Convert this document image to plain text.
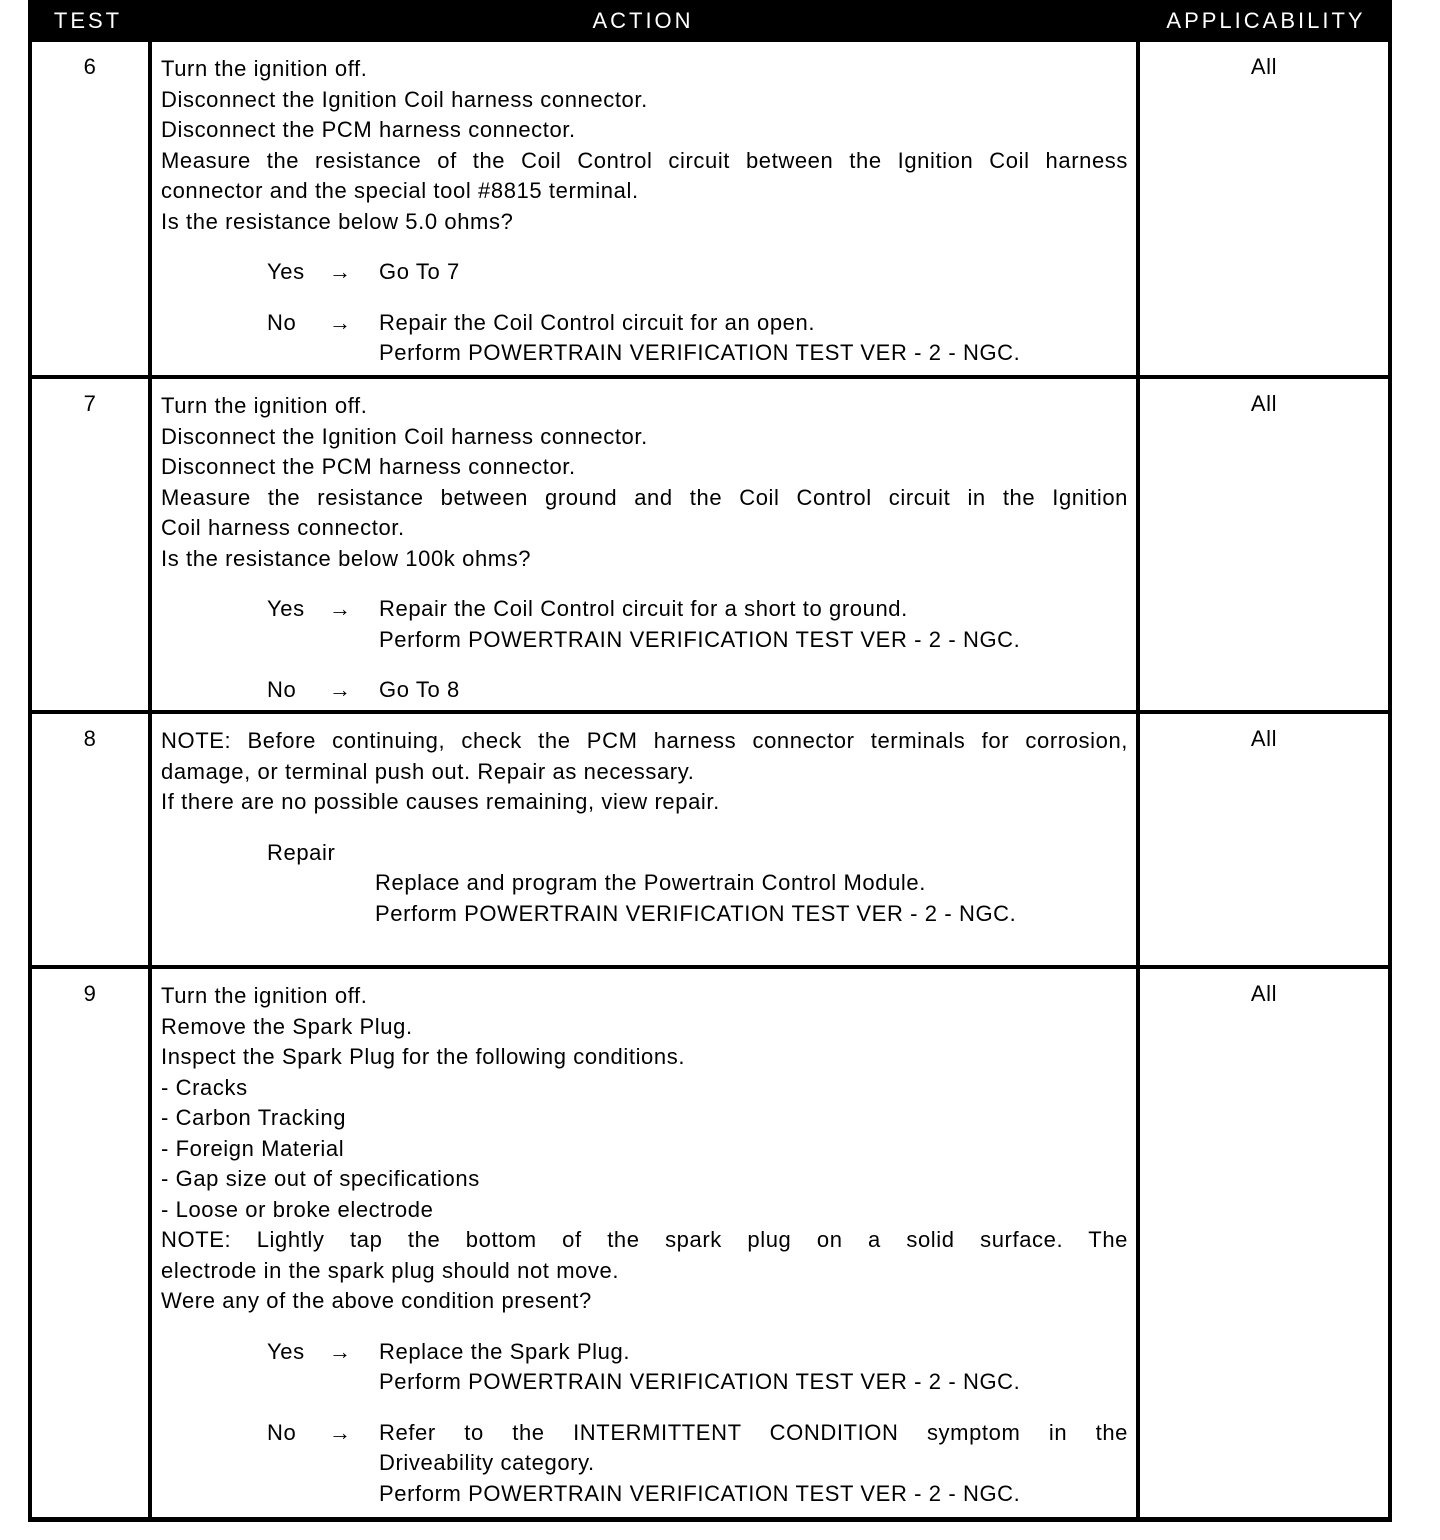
TEST	ACTION	APPLICABILITY
6	Turn the ignition off.
Disconnect the Ignition Coil harness connector.
Disconnect the PCM harness connector.
Measure the resistance of the Coil Control circuit between the Ignition Coil harness
connector and the special tool #8815 terminal.
Is the resistance below 5.0 ohms?
Yes	→	Go To 7
No	→	Repair the Coil Control circuit for an open.
Perform POWERTRAIN VERIFICATION TEST VER - 2 - NGC.
All
7	Turn the ignition off.
Disconnect the Ignition Coil harness connector.
Disconnect the PCM harness connector.
Measure the resistance between ground and the Coil Control circuit in the Ignition
Coil harness connector.
Is the resistance below 100k ohms?
Yes	→	Repair the Coil Control circuit for a short to ground.
Perform POWERTRAIN VERIFICATION TEST VER - 2 - NGC.
No	→	Go To 8
All
8	NOTE: Before continuing, check the PCM harness connector terminals for corrosion,
damage, or terminal push out. Repair as necessary.
If there are no possible causes remaining, view repair.
Repair
Replace and program the Powertrain Control Module.
Perform POWERTRAIN VERIFICATION TEST VER - 2 - NGC.
All
9	Turn the ignition off.
Remove the Spark Plug.
Inspect the Spark Plug for the following conditions.
- Cracks
- Carbon Tracking
- Foreign Material
- Gap size out of specifications
- Loose or broke electrode
NOTE: Lightly tap the bottom of the spark plug on a solid surface. The
electrode in the spark plug should not move.
Were any of the above condition present?
Yes	→	Replace the Spark Plug.
Perform POWERTRAIN VERIFICATION TEST VER - 2 - NGC.
No	→	Refer to the INTERMITTENT CONDITION symptom in the
Driveability category.
Perform POWERTRAIN VERIFICATION TEST VER - 2 - NGC.
All
